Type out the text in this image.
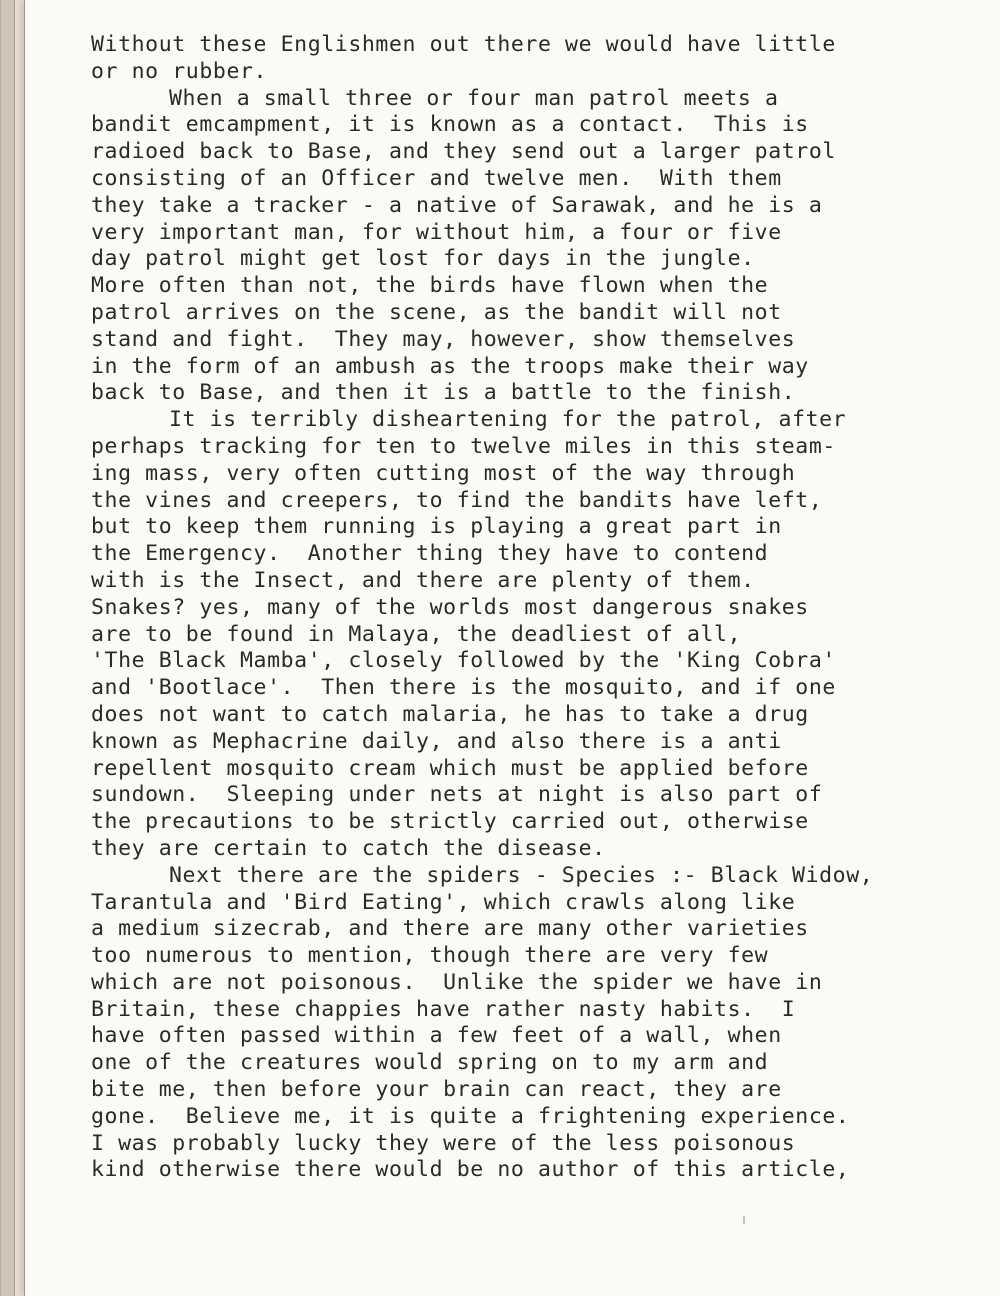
Without these Englishmen out there we would have little
or no rubber.
When a small three or four man patrol meets a
bandit emcampment, it is known as a contact.  This is
radioed back to Base, and they send out a larger patrol
consisting of an Officer and twelve men.  With them
they take a tracker - a native of Sarawak, and he is a
very important man, for without him, a four or five
day patrol might get lost for days in the jungle.
More often than not, the birds have flown when the
patrol arrives on the scene, as the bandit will not
stand and fight.  They may, however, show themselves
in the form of an ambush as the troops make their way
back to Base, and then it is a battle to the finish.
It is terribly disheartening for the patrol, after
perhaps tracking for ten to twelve miles in this steam-
ing mass, very often cutting most of the way through
the vines and creepers, to find the bandits have left,
but to keep them running is playing a great part in
the Emergency.  Another thing they have to contend
with is the Insect, and there are plenty of them.
Snakes? yes, many of the worlds most dangerous snakes
are to be found in Malaya, the deadliest of all,
'The Black Mamba', closely followed by the 'King Cobra'
and 'Bootlace'.  Then there is the mosquito, and if one
does not want to catch malaria, he has to take a drug
known as Mephacrine daily, and also there is a anti
repellent mosquito cream which must be applied before
sundown.  Sleeping under nets at night is also part of
the precautions to be strictly carried out, otherwise
they are certain to catch the disease.
Next there are the spiders - Species :- Black Widow,
Tarantula and 'Bird Eating', which crawls along like
a medium sizecrab, and there are many other varieties
too numerous to mention, though there are very few
which are not poisonous.  Unlike the spider we have in
Britain, these chappies have rather nasty habits.  I
have often passed within a few feet of a wall, when
one of the creatures would spring on to my arm and
bite me, then before your brain can react, they are
gone.  Believe me, it is quite a frightening experience.
I was probably lucky they were of the less poisonous
kind otherwise there would be no author of this article,
